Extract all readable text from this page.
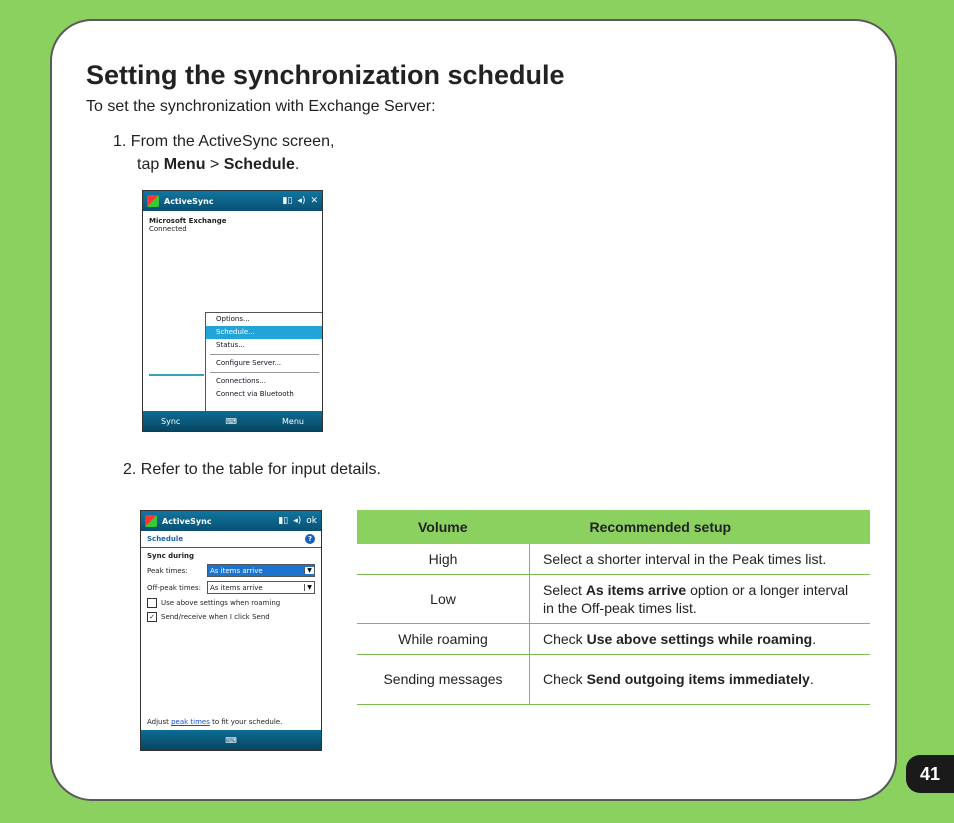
Setting the synchronization schedule
To set the synchronization with Exchange Server:
1. From the ActiveSync screen,
tap Menu > Schedule.
ActiveSync	▮▯ ◂) ✕
Microsoft Exchange
Connected
Options...
Schedule...
Status...
Configure Server...
Connections...
Connect via Bluetooth
Sync	⌨	Menu
2. Refer to the table for input details.
ActiveSync	▮▯ ◂) ok
Schedule	?
Sync during
Peak times:	As items arrive	▼
Off-peak times:	As items arrive	▼
Use above settings when roaming
✓ Send/receive when I click Send
Adjust peak times to fit your schedule.
⌨
Volume	Recommended setup
High	Select a shorter interval in the Peak times list.
Low	Select As items arrive option or a longer interval in the Off-peak times list.
While roaming	Check Use above settings while roaming.
Sending messages	Check Send outgoing items immediately.
41
